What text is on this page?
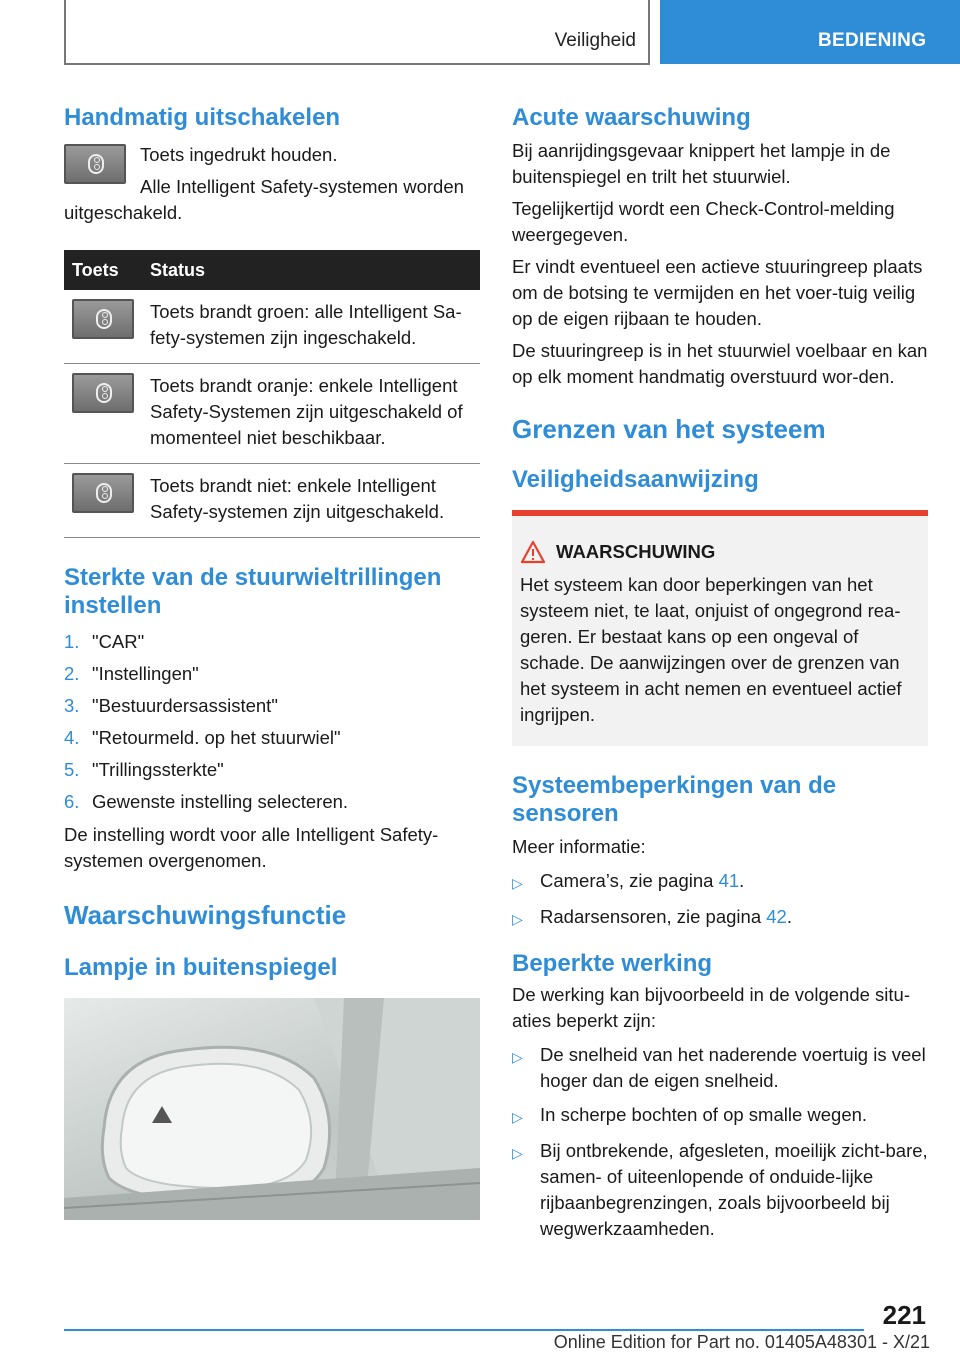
Veiligheid	BEDIENING
Handmatig uitschakelen

Toets ingedrukt houden.

Alle Intelligent Safety-systemen worden

uitgeschakeld.

Toets	Status

	Toets brandt groen: alle Intelligent Sa-fety-systemen zijn ingeschakeld.

	Toets brandt oranje: enkele Intelligent Safety-Systemen zijn uitgeschakeld of momenteel niet beschikbaar.

	Toets brandt niet: enkele Intelligent Safety-systemen zijn uitgeschakeld.
Sterkte van de stuurwieltrillingen instellen
1. "CAR"
2. "Instellingen"
3. "Bestuurdersassistent"
4. "Retourmeld. op het stuurwiel"
5. "Trillingssterkte"
6. Gewenste instelling selecteren.

De instelling wordt voor alle Intelligent Safety-systemen overgenomen.

Waarschuwingsfunctie
Lampje in buitenspiegel
Acute waarschuwing

Bij aanrijdingsgevaar knippert het lampje in de buitenspiegel en trilt het stuurwiel.

Tegelijkertijd wordt een Check-Control-melding weergegeven.

Er vindt eventueel een actieve stuuringreep plaats om de botsing te vermijden en het voer-tuig veilig op de eigen rijbaan te houden.

De stuuringreep is in het stuurwiel voelbaar en kan op elk moment handmatig overstuurd wor-den.

Grenzen van het systeem
Veiligheidsaanwijzing
WAARSCHUWING

Het systeem kan door beperkingen van het systeem niet, te laat, onjuist of ongegrond rea-geren. Er bestaat kans op een ongeval of schade. De aanwijzingen over de grenzen van het systeem in acht nemen en eventueel actief ingrijpen.

Systeembeperkingen van de sensoren

Meer informatie:

▷ Camera’s, zie pagina 41.
▷ Radarsensoren, zie pagina 42.
Beperkte werking

De werking kan bijvoorbeeld in de volgende situ-aties beperkt zijn:

▷ De snelheid van het naderende voertuig is veel hoger dan de eigen snelheid.
▷ In scherpe bochten of op smalle wegen.
▷ Bij ontbrekende, afgesleten, moeilijk zicht-bare, samen- of uiteenlopende of onduide-lijke rijbaanbegrenzingen, zoals bijvoorbeeld bij wegwerkzaamheden.
221
Online Edition for Part no. 01405A48301 - X/21
